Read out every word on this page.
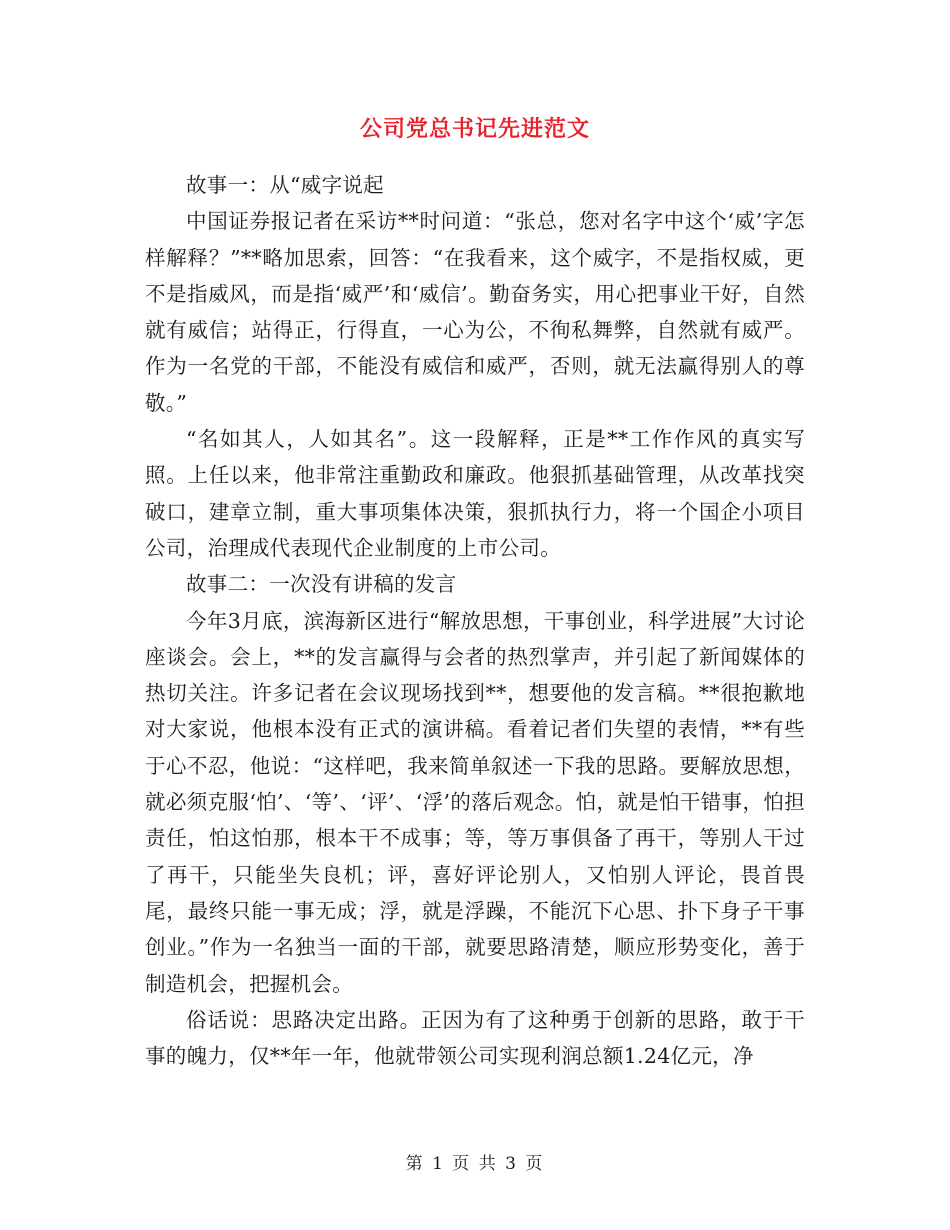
公司党总书记先进范文

故事一：从“威字说起

中国证券报记者在采访**时问道：“张总，您对名字中这个‘威’字怎样解释？”**略加思索，回答：“在我看来，这个威字，不是指权威，更不是指威风，而是指‘威严’和‘威信’。勤奋务实，用心把事业干好，自然就有威信；站得正，行得直，一心为公，不徇私舞弊，自然就有威严。作为一名党的干部，不能没有威信和威严，否则，就无法赢得别人的尊敬。”

“名如其人，人如其名”。这一段解释，正是**工作作风的真实写照。上任以来，他非常注重勤政和廉政。他狠抓基础管理，从改革找突破口，建章立制，重大事项集体决策，狠抓执行力，将一个国企小项目公司，治理成代表现代企业制度的上市公司。

故事二：一次没有讲稿的发言

今年3月底，滨海新区进行“解放思想，干事创业，科学进展”大讨论座谈会。会上，**的发言赢得与会者的热烈掌声，并引起了新闻媒体的热切关注。许多记者在会议现场找到**，想要他的发言稿。**很抱歉地对大家说，他根本没有正式的演讲稿。看着记者们失望的表情，**有些于心不忍，他说：“这样吧，我来简单叙述一下我的思路。要解放思想，就必须克服‘怕’、‘等’、‘评’、‘浮’的落后观念。怕，就是怕干错事，怕担责任，怕这怕那，根本干不成事；等，等万事俱备了再干，等别人干过了再干，只能坐失良机；评，喜好评论别人，又怕别人评论，畏首畏尾，最终只能一事无成；浮，就是浮躁，不能沉下心思、扑下身子干事创业。”作为一名独当一面的干部，就要思路清楚，顺应形势变化，善于制造机会，把握机会。

俗话说：思路决定出路。正因为有了这种勇于创新的思路，敢于干事的魄力，仅**年一年，他就带领公司实现利润总额1.24亿元，净

第 1 页 共 3 页
